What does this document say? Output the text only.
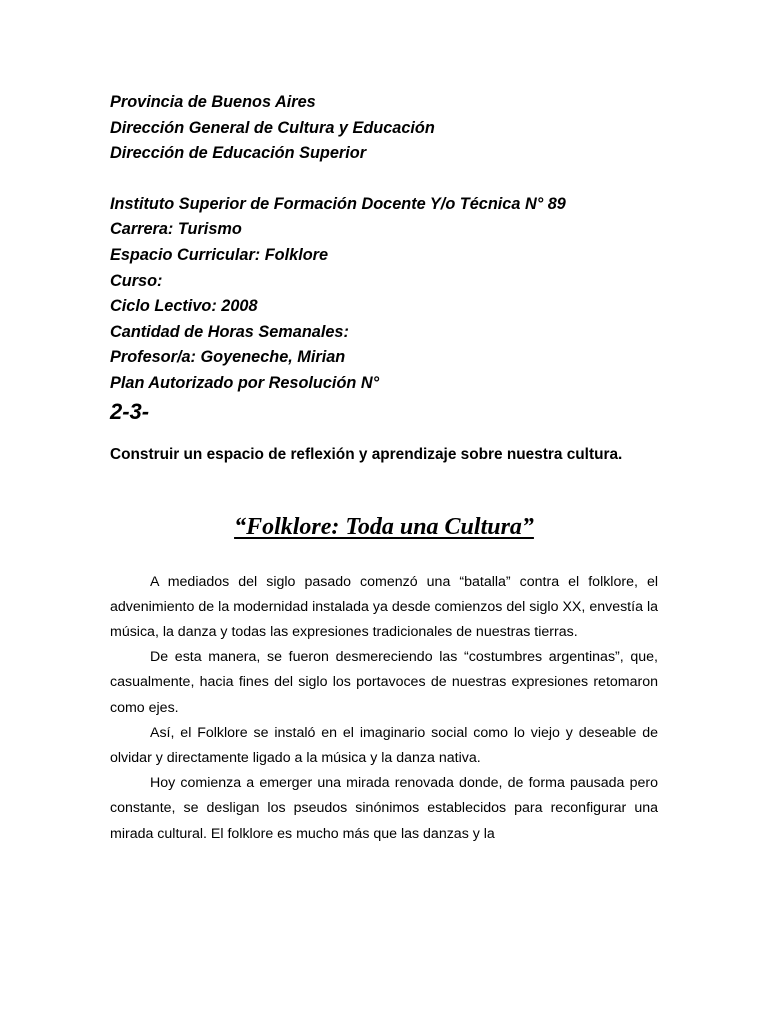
Provincia de Buenos Aires
Dirección General de Cultura y Educación
Dirección de Educación Superior
Instituto Superior de Formación Docente Y/o Técnica N° 89
Carrera: Turismo
Espacio Curricular: Folklore
Curso:
Ciclo Lectivo: 2008
Cantidad de Horas Semanales:
Profesor/a: Goyeneche, Mirian
Plan Autorizado por Resolución N°
2-3-
Construir un espacio de reflexión y aprendizaje sobre nuestra cultura.
“Folklore: Toda una Cultura”

A mediados del siglo pasado comenzó una “batalla” contra el folklore, el advenimiento de la modernidad instalada ya desde comienzos del siglo XX, envestía la música, la danza y todas las expresiones tradicionales de nuestras tierras.

De esta manera, se fueron desmereciendo las “costumbres argentinas”, que, casualmente, hacia fines del siglo los portavoces de nuestras expresiones retomaron como ejes.

Así, el Folklore se instaló en el imaginario social como lo viejo y deseable de olvidar y directamente ligado a la música y la danza nativa.

Hoy comienza a emerger una mirada renovada donde, de forma pausada pero constante, se desligan los pseudos sinónimos establecidos para reconfigurar una mirada cultural. El folklore es mucho más que las danzas y la
